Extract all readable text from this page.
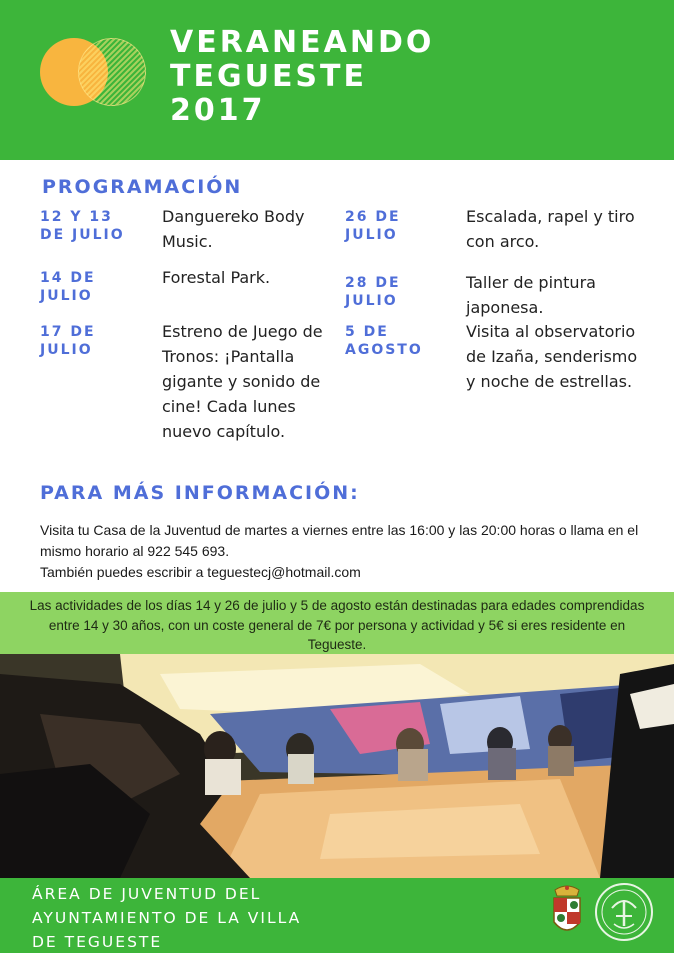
VERANEANDO
TEGUESTE
2017
PROGRAMACIÓN
12 Y 13
DE JULIO
Danguereko Body Music.
14 DE
JULIO
Forestal Park.
17 DE
JULIO
Estreno de Juego de Tronos: ¡Pantalla gigante y sonido de cine! Cada lunes nuevo capítulo.
26 DE
JULIO
Escalada, rapel y tiro con arco.
28 DE
JULIO
Taller de pintura japonesa.
5 DE
AGOSTO
Visita al observatorio de Izaña, senderismo y noche de estrellas.
PARA MÁS INFORMACIÓN:

Visita tu Casa de la Juventud de martes a viernes entre las 16:00 y las 20:00 horas o llama en el mismo horario al 922 545 693.

También puedes escribir a teguestecj@hotmail.com

Las actividades de los días 14 y 26 de julio y 5 de agosto están destinadas para edades comprendidas entre 14 y 30 años, con un coste general de 7€ por persona y actividad y 5€ si eres residente en Tegueste.
ÁREA DE JUVENTUD DEL
AYUNTAMIENTO DE LA VILLA
DE TEGUESTE
